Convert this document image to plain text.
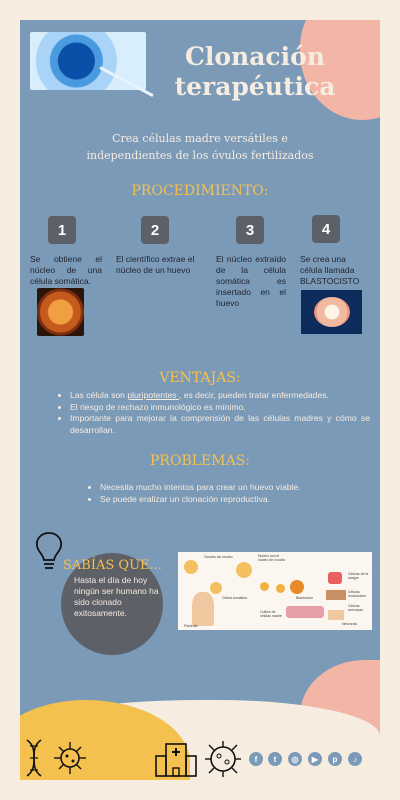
Clonación
terapéutica
Crea células madre versátiles e
independientes de los óvulos fertilizados
PROCEDIMIENTO:
1	2	3	4
Se obtiene el núcleo de una célula somática.
El científico extrae el núcleo de un huevo
El núcleo extraído de la célula somática es insertado en el huevo
Se crea una célula llamada BLASTOCISTO
VENTAJAS:
• Las célula son pluripotentes , es decir, pueden tratar enfermedades.
• El riesgo de rechazo inmunológico es mínimo.
• Importante para mejorar la comprensión de las células madres y cómo se desarrollan.
PROBLEMAS:
• Necesita mucho intentos para crear un huevo viable.
• Se puede eralizar un clonación reproductiva.
SABÍAS QUE...
Hasta el día de hoy ningún ser humano ha sido clonado exitosamente.
Ovocito sin núcleo	Núcleo con el núcleo de ovocito
Célula somática	Blastocisto
Cultivo de células madre
Células de la sangre
Células musculares
Células nerviosas
Paciente	Neuronas
f	t	◎	▶	p	♪
